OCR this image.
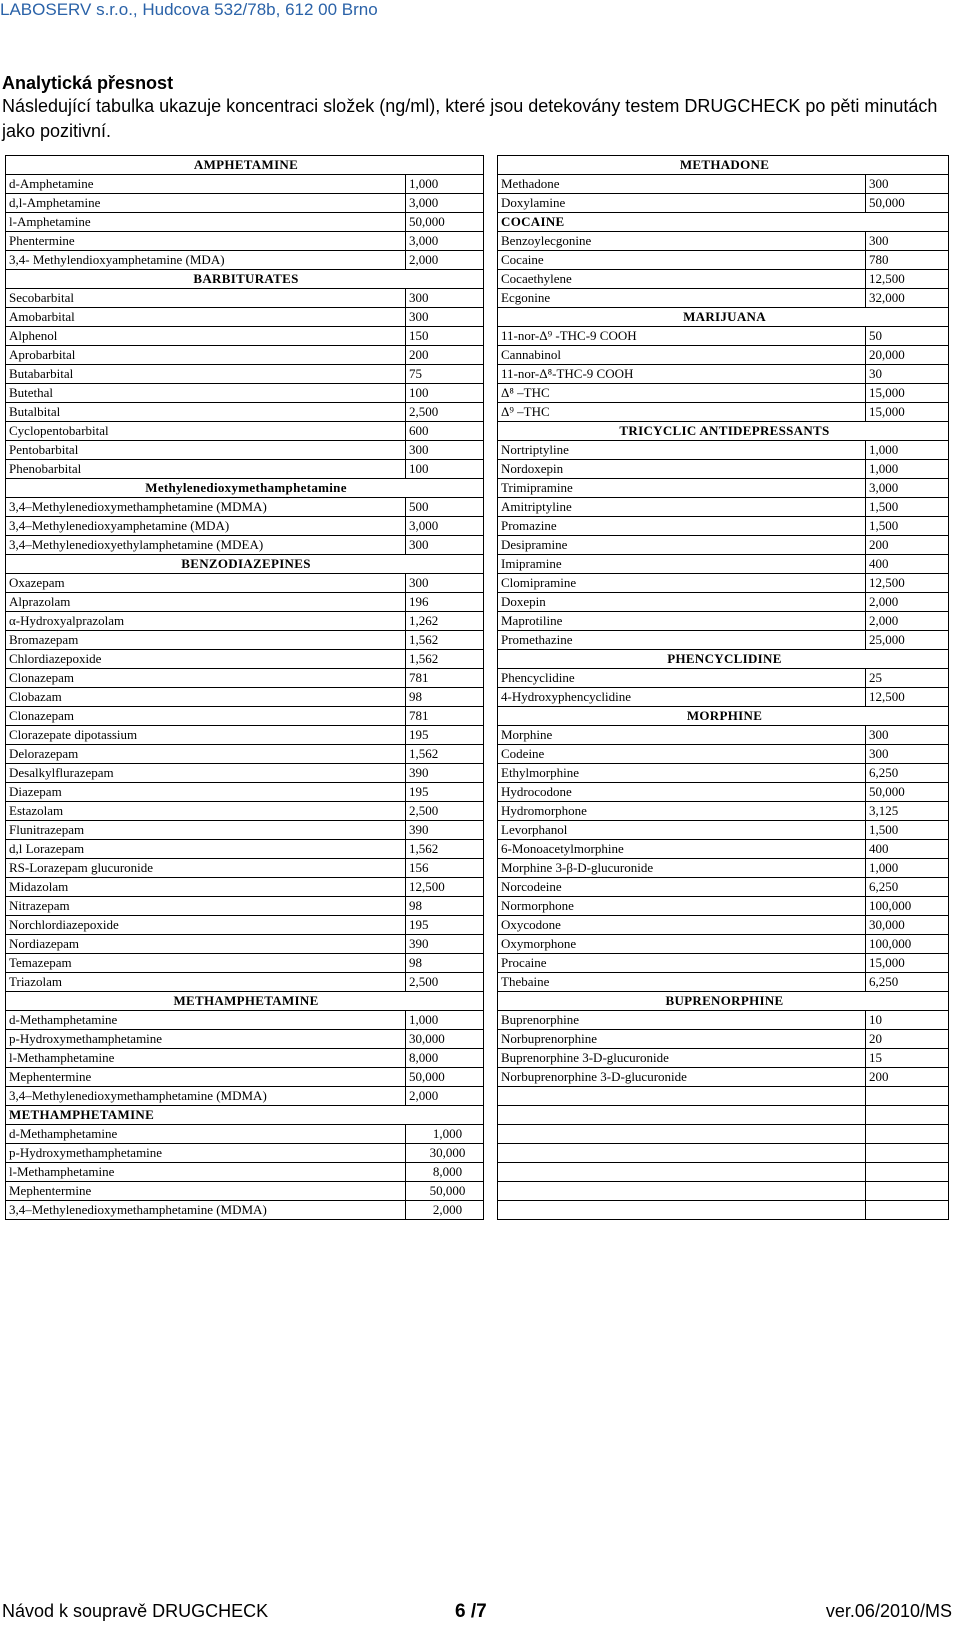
LABOSERV s.r.o., Hudcova 532/78b, 612 00 Brno
Analytická přesnost
Následující tabulka ukazuje koncentraci složek (ng/ml), které jsou detekovány testem DRUGCHECK po pěti minutách jako pozitivní.
AMPHETAMINE	
d-Amphetamine	1,000
d,l-Amphetamine	3,000
l-Amphetamine	50,000
Phentermine	3,000
3,4- Methylendioxyamphetamine (MDA)	2,000
BARBITURATES	
Secobarbital	300
Amobarbital	300
Alphenol	150
Aprobarbital	200
Butabarbital	75
Butethal	100
Butalbital	2,500
Cyclopentobarbital	600
Pentobarbital	300
Phenobarbital	100
Methylenedioxymethamphetamine	
3,4–Methylenedioxymethamphetamine (MDMA)	500
3,4–Methylenedioxyamphetamine (MDA)	3,000
3,4–Methylenedioxyethylamphetamine (MDEA)	300
BENZODIAZEPINES	
Oxazepam	300
Alprazolam	196
α-Hydroxyalprazolam	1,262
Bromazepam	1,562
Chlordiazepoxide	1,562
Clonazepam	781
Clobazam	98
Clonazepam	781
Clorazepate dipotassium	195
Delorazepam	1,562
Desalkylflurazepam	390
Diazepam	195
Estazolam	2,500
Flunitrazepam	390
d,l Lorazepam	1,562
RS-Lorazepam glucuronide	156
Midazolam	12,500
Nitrazepam	98
Norchlordiazepoxide	195
Nordiazepam	390
Temazepam	98
Triazolam	2,500
METHAMPHETAMINE	
d-Methamphetamine	1,000
p-Hydroxymethamphetamine	30,000
l-Methamphetamine	8,000
Mephentermine	50,000
3,4–Methylenedioxymethamphetamine (MDMA)	2,000
METHAMPHETAMINE	
d-Methamphetamine	1,000
p-Hydroxymethamphetamine	30,000
l-Methamphetamine	8,000
Mephentermine	50,000
3,4–Methylenedioxymethamphetamine (MDMA)	2,000
METHADONE	
Methadone	300
Doxylamine	50,000
COCAINE	
Benzoylecgonine	300
Cocaine	780
Cocaethylene	12,500
Ecgonine	32,000
MARIJUANA	
11-nor-Δ⁹ -THC-9 COOH	50
Cannabinol	20,000
11-nor-Δ⁸-THC-9 COOH	30
Δ⁸ –THC	15,000
Δ⁹ –THC	15,000
TRICYCLIC ANTIDEPRESSANTS	
Nortriptyline	1,000
Nordoxepin	1,000
Trimipramine	3,000
Amitriptyline	1,500
Promazine	1,500
Desipramine	200
Imipramine	400
Clomipramine	12,500
Doxepin	2,000
Maprotiline	2,000
Promethazine	25,000
PHENCYCLIDINE	
Phencyclidine	25
4-Hydroxyphencyclidine	12,500
MORPHINE	
Morphine	300
Codeine	300
Ethylmorphine	6,250
Hydrocodone	50,000
Hydromorphone	3,125
Levorphanol	1,500
6-Monoacetylmorphine	400
Morphine 3-β-D-glucuronide	1,000
Norcodeine	6,250
Normorphone	100,000
Oxycodone	30,000
Oxymorphone	100,000
Procaine	15,000
Thebaine	6,250
BUPRENORPHINE	
Buprenorphine	10
Norbuprenorphine	20
Buprenorphine 3-D-glucuronide	15
Norbuprenorphine 3-D-glucuronide	200

Návod k soupravě DRUGCHECK	6 /7	ver.06/2010/MS
